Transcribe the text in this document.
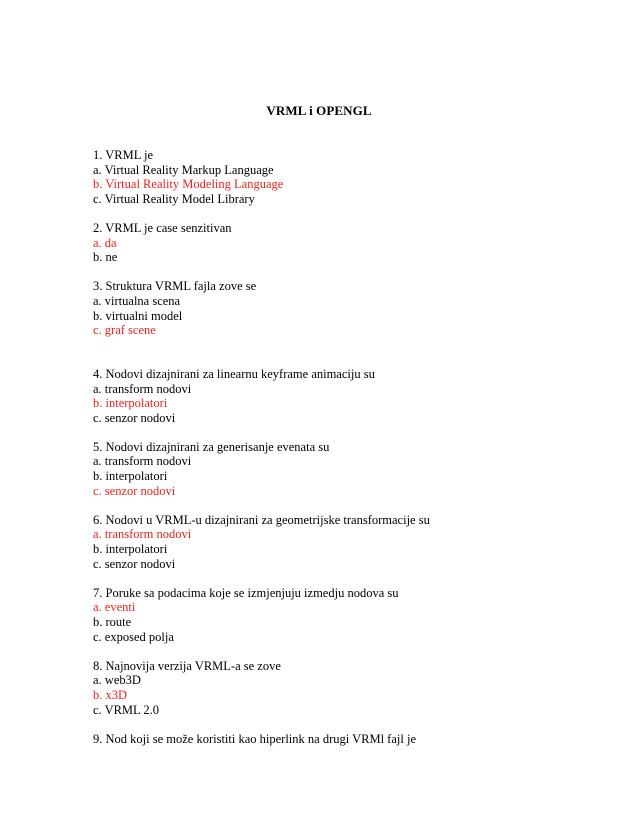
VRML i OPENGL
1. VRML je
a. Virtual Reality Markup Language
b. Virtual Reality Modeling Language
c. Virtual Reality Model Library
2. VRML je case senzitivan
a. da
b. ne
3. Struktura VRML fajla zove se
a. virtualna scena
b. virtualni model
c. graf scene
4. Nodovi dizajnirani za linearnu keyframe animaciju su
a. transform nodovi
b. interpolatori
c. senzor nodovi
5. Nodovi dizajnirani za generisanje evenata su
a. transform nodovi
b. interpolatori
c. senzor nodovi
6. Nodovi u VRML-u dizajnirani za geometrijske transformacije su
a. transform nodovi
b. interpolatori
c. senzor nodovi
7. Poruke sa podacima koje se izmjenjuju izmedju nodova su
a. eventi
b. route
c. exposed polja
8. Najnovija verzija VRML-a se zove
a. web3D
b. x3D
c. VRML 2.0
9. Nod koji se može koristiti kao hiperlink na drugi VRMl fajl je
